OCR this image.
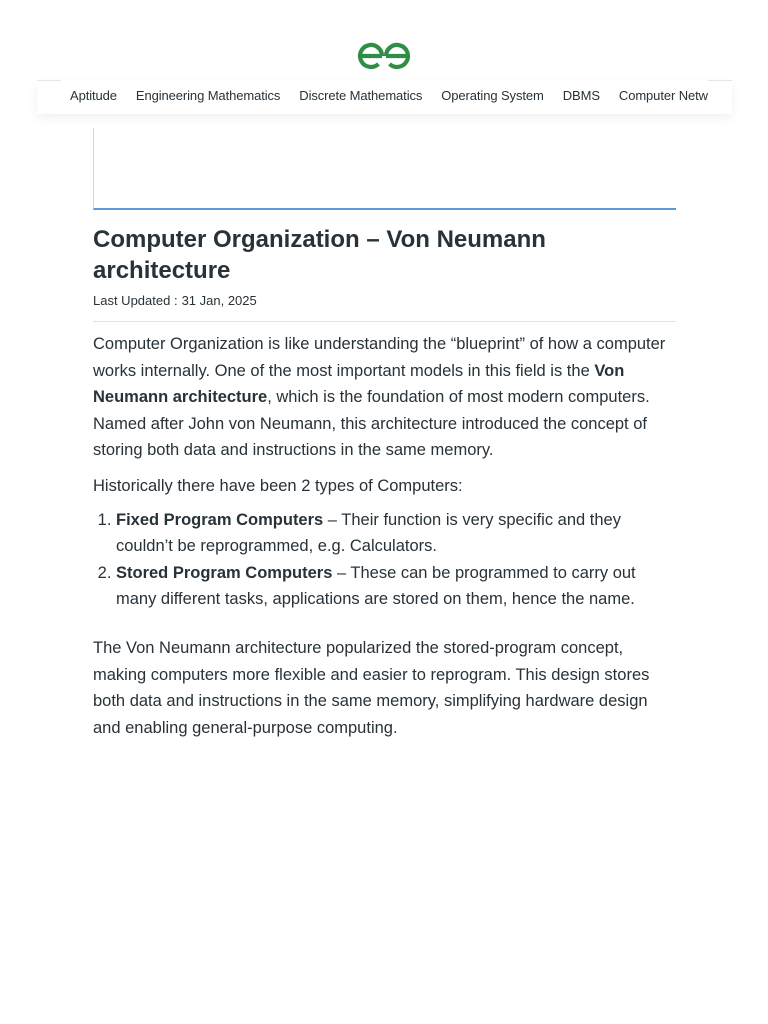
Aptitude Engineering Mathematics Discrete Mathematics Operating System DBMS Computer Netw
Computer Organization – Von Neumann architecture
Last Updated : 31 Jan, 2025

Computer Organization is like understanding the “blueprint” of how a computer works internally. One of the most important models in this field is the Von Neumann architecture, which is the foundation of most modern computers. Named after John von Neumann, this architecture introduced the concept of storing both data and instructions in the same memory.

Historically there have been 2 types of Computers:

1. Fixed Program Computers – Their function is very specific and they couldn’t be reprogrammed, e.g. Calculators.
2. Stored Program Computers – These can be programmed to carry out many different tasks, applications are stored on them, hence the name.

The Von Neumann architecture popularized the stored-program concept, making computers more flexible and easier to reprogram. This design stores both data and instructions in the same memory, simplifying hardware design and enabling general-purpose computing.
